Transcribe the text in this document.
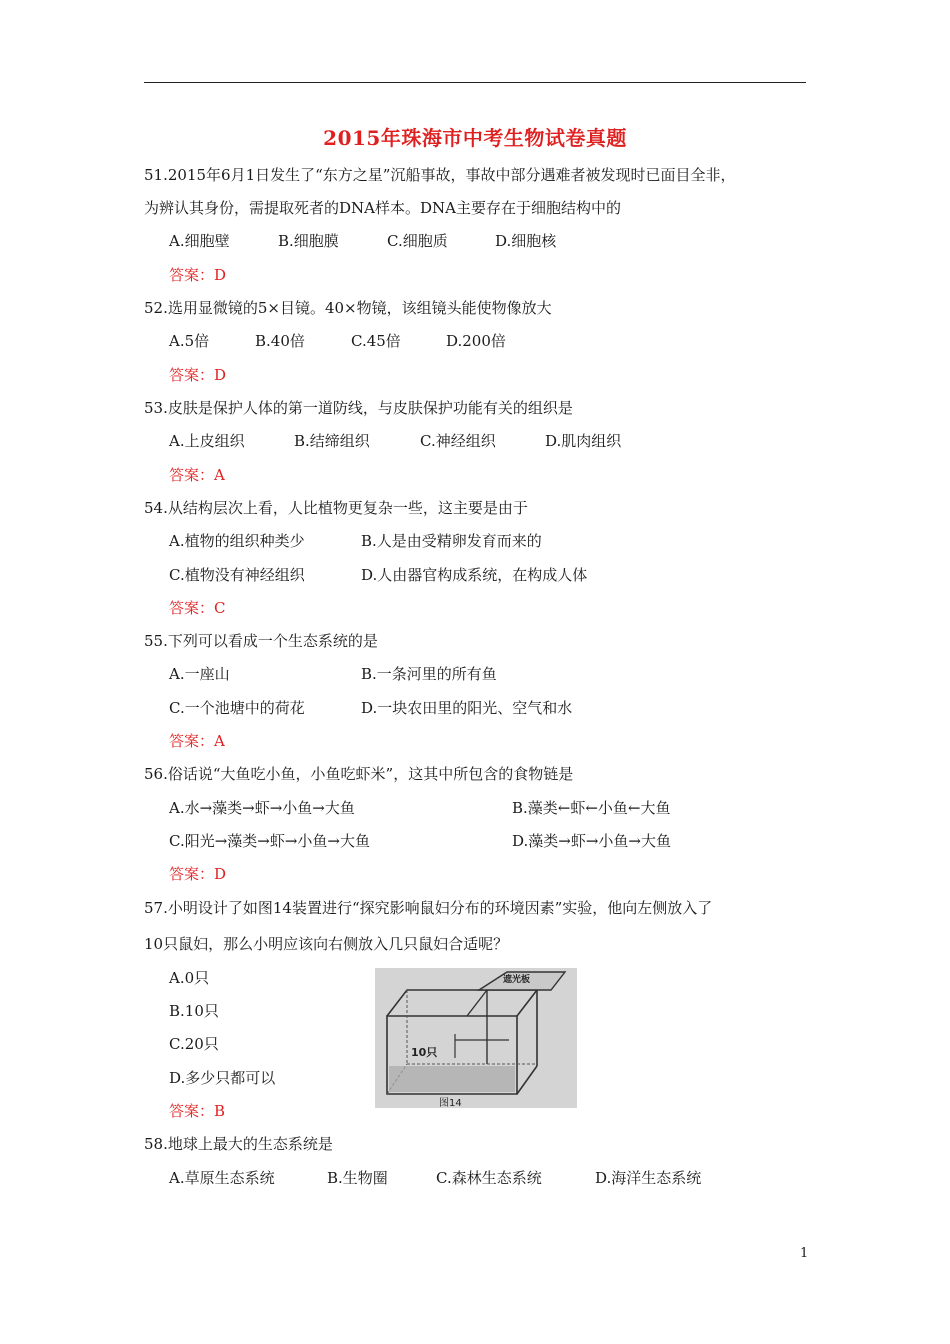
2015年珠海市中考生物试卷真题
51.2015年6月1日发生了“东方之星”沉船事故，事故中部分遇难者被发现时已面目全非，
为辨认其身份，需提取死者的DNA样本。DNA主要存在于细胞结构中的
A.细胞壁	B.细胞膜	C.细胞质	D.细胞核
答案：D
52.选用显微镜的5×目镜。40×物镜，该组镜头能使物像放大
A.5倍	B.40倍	C.45倍	D.200倍
答案：D
53.皮肤是保护人体的第一道防线，与皮肤保护功能有关的组织是
A.上皮组织	B.结缔组织	C.神经组织	D.肌肉组织
答案：A
54.从结构层次上看，人比植物更复杂一些，这主要是由于
A.植物的组织种类少	B.人是由受精卵发育而来的
C.植物没有神经组织	D.人由器官构成系统，在构成人体
答案：C
55.下列可以看成一个生态系统的是
A.一座山	B.一条河里的所有鱼
C.一个池塘中的荷花	D.一块农田里的阳光、空气和水
答案：A
56.俗话说“大鱼吃小鱼，小鱼吃虾米”，这其中所包含的食物链是
A.水→藻类→虾→小鱼→大鱼	B.藻类←虾←小鱼←大鱼
C.阳光→藻类→虾→小鱼→大鱼	D.藻类→虾→小鱼→大鱼
答案：D
57.小明设计了如图14装置进行“探究影响鼠妇分布的环境因素”实验，他向左侧放入了
10只鼠妇，那么小明应该向右侧放入几只鼠妇合适呢？
A.0只
B.10只
C.20只
D.多少只都可以
答案：B
遮光板
10只
图14
58.地球上最大的生态系统是
A.草原生态系统	B.生物圈	C.森林生态系统	D.海洋生态系统
1
